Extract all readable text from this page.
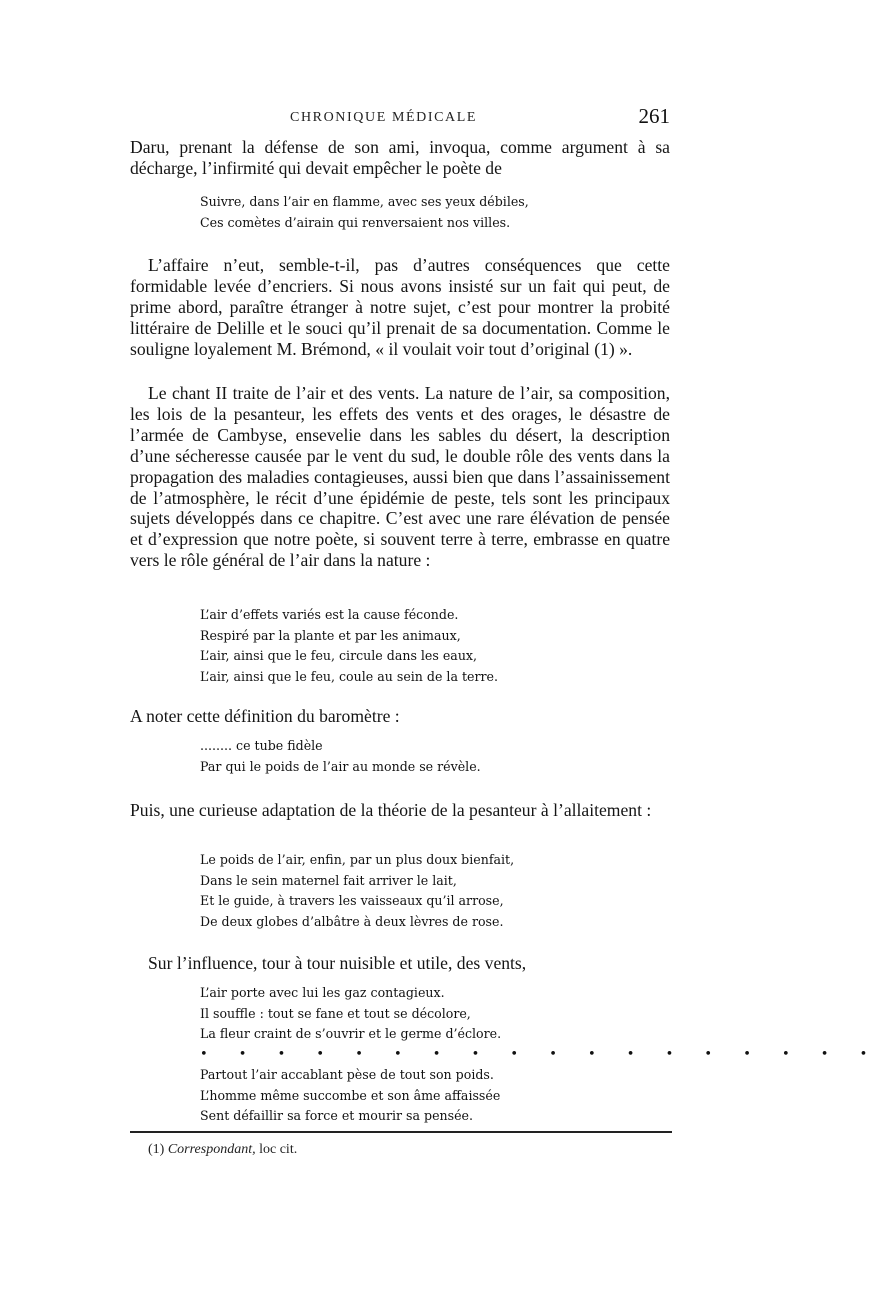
CHRONIQUE MÉDICALE	261

Daru, prenant la défense de son ami, invoqua, comme argument à sa décharge, l’infirmité qui devait empêcher le poète de

Suivre, dans l’air en flamme, avec ses yeux débiles,
Ces comètes d’airain qui renversaient nos villes.

L’affaire n’eut, semble-t-il, pas d’autres conséquences que cette formidable levée d’encriers. Si nous avons insisté sur un fait qui peut, de prime abord, paraître étranger à notre sujet, c’est pour montrer la probité littéraire de Delille et le souci qu’il prenait de sa documentation. Comme le souligne loyalement M. Brémond, « il voulait voir tout d’original (1) ».

Le chant II traite de l’air et des vents. La nature de l’air, sa composition, les lois de la pesanteur, les effets des vents et des orages, le désastre de l’armée de Cambyse, ensevelie dans les sables du désert, la description d’une sécheresse causée par le vent du sud, le double rôle des vents dans la propagation des maladies contagieuses, aussi bien que dans l’assainissement de l’atmosphère, le récit d’une épidémie de peste, tels sont les principaux sujets développés dans ce chapitre. C’est avec une rare élévation de pensée et d’expression que notre poète, si souvent terre à terre, embrasse en quatre vers le rôle général de l’air dans la nature :

L’air d’effets variés est la cause féconde.
Respiré par la plante et par les animaux,
L’air, ainsi que le feu, circule dans les eaux,
L’air, ainsi que le feu, coule au sein de la terre.

A noter cette définition du baromètre :

........ ce tube fidèle
Par qui le poids de l’air au monde se révèle.

Puis, une curieuse adaptation de la théorie de la pesanteur à l’allaitement :

Le poids de l’air, enfin, par un plus doux bienfait,
Dans le sein maternel fait arriver le lait,
Et le guide, à travers les vaisseaux qu’il arrose,
De deux globes d’albâtre à deux lèvres de rose.

Sur l’influence, tour à tour nuisible et utile, des vents,

L’air porte avec lui les gaz contagieux.
Il souffle : tout se fane et tout se décolore,
La fleur craint de s’ouvrir et le germe d’éclore.
• • • • • • • • • • • • • • • • • •
Partout l’air accablant pèse de tout son poids.
L’homme même succombe et son âme affaissée
Sent défaillir sa force et mourir sa pensée.
(1) Correspondant, loc cit.
